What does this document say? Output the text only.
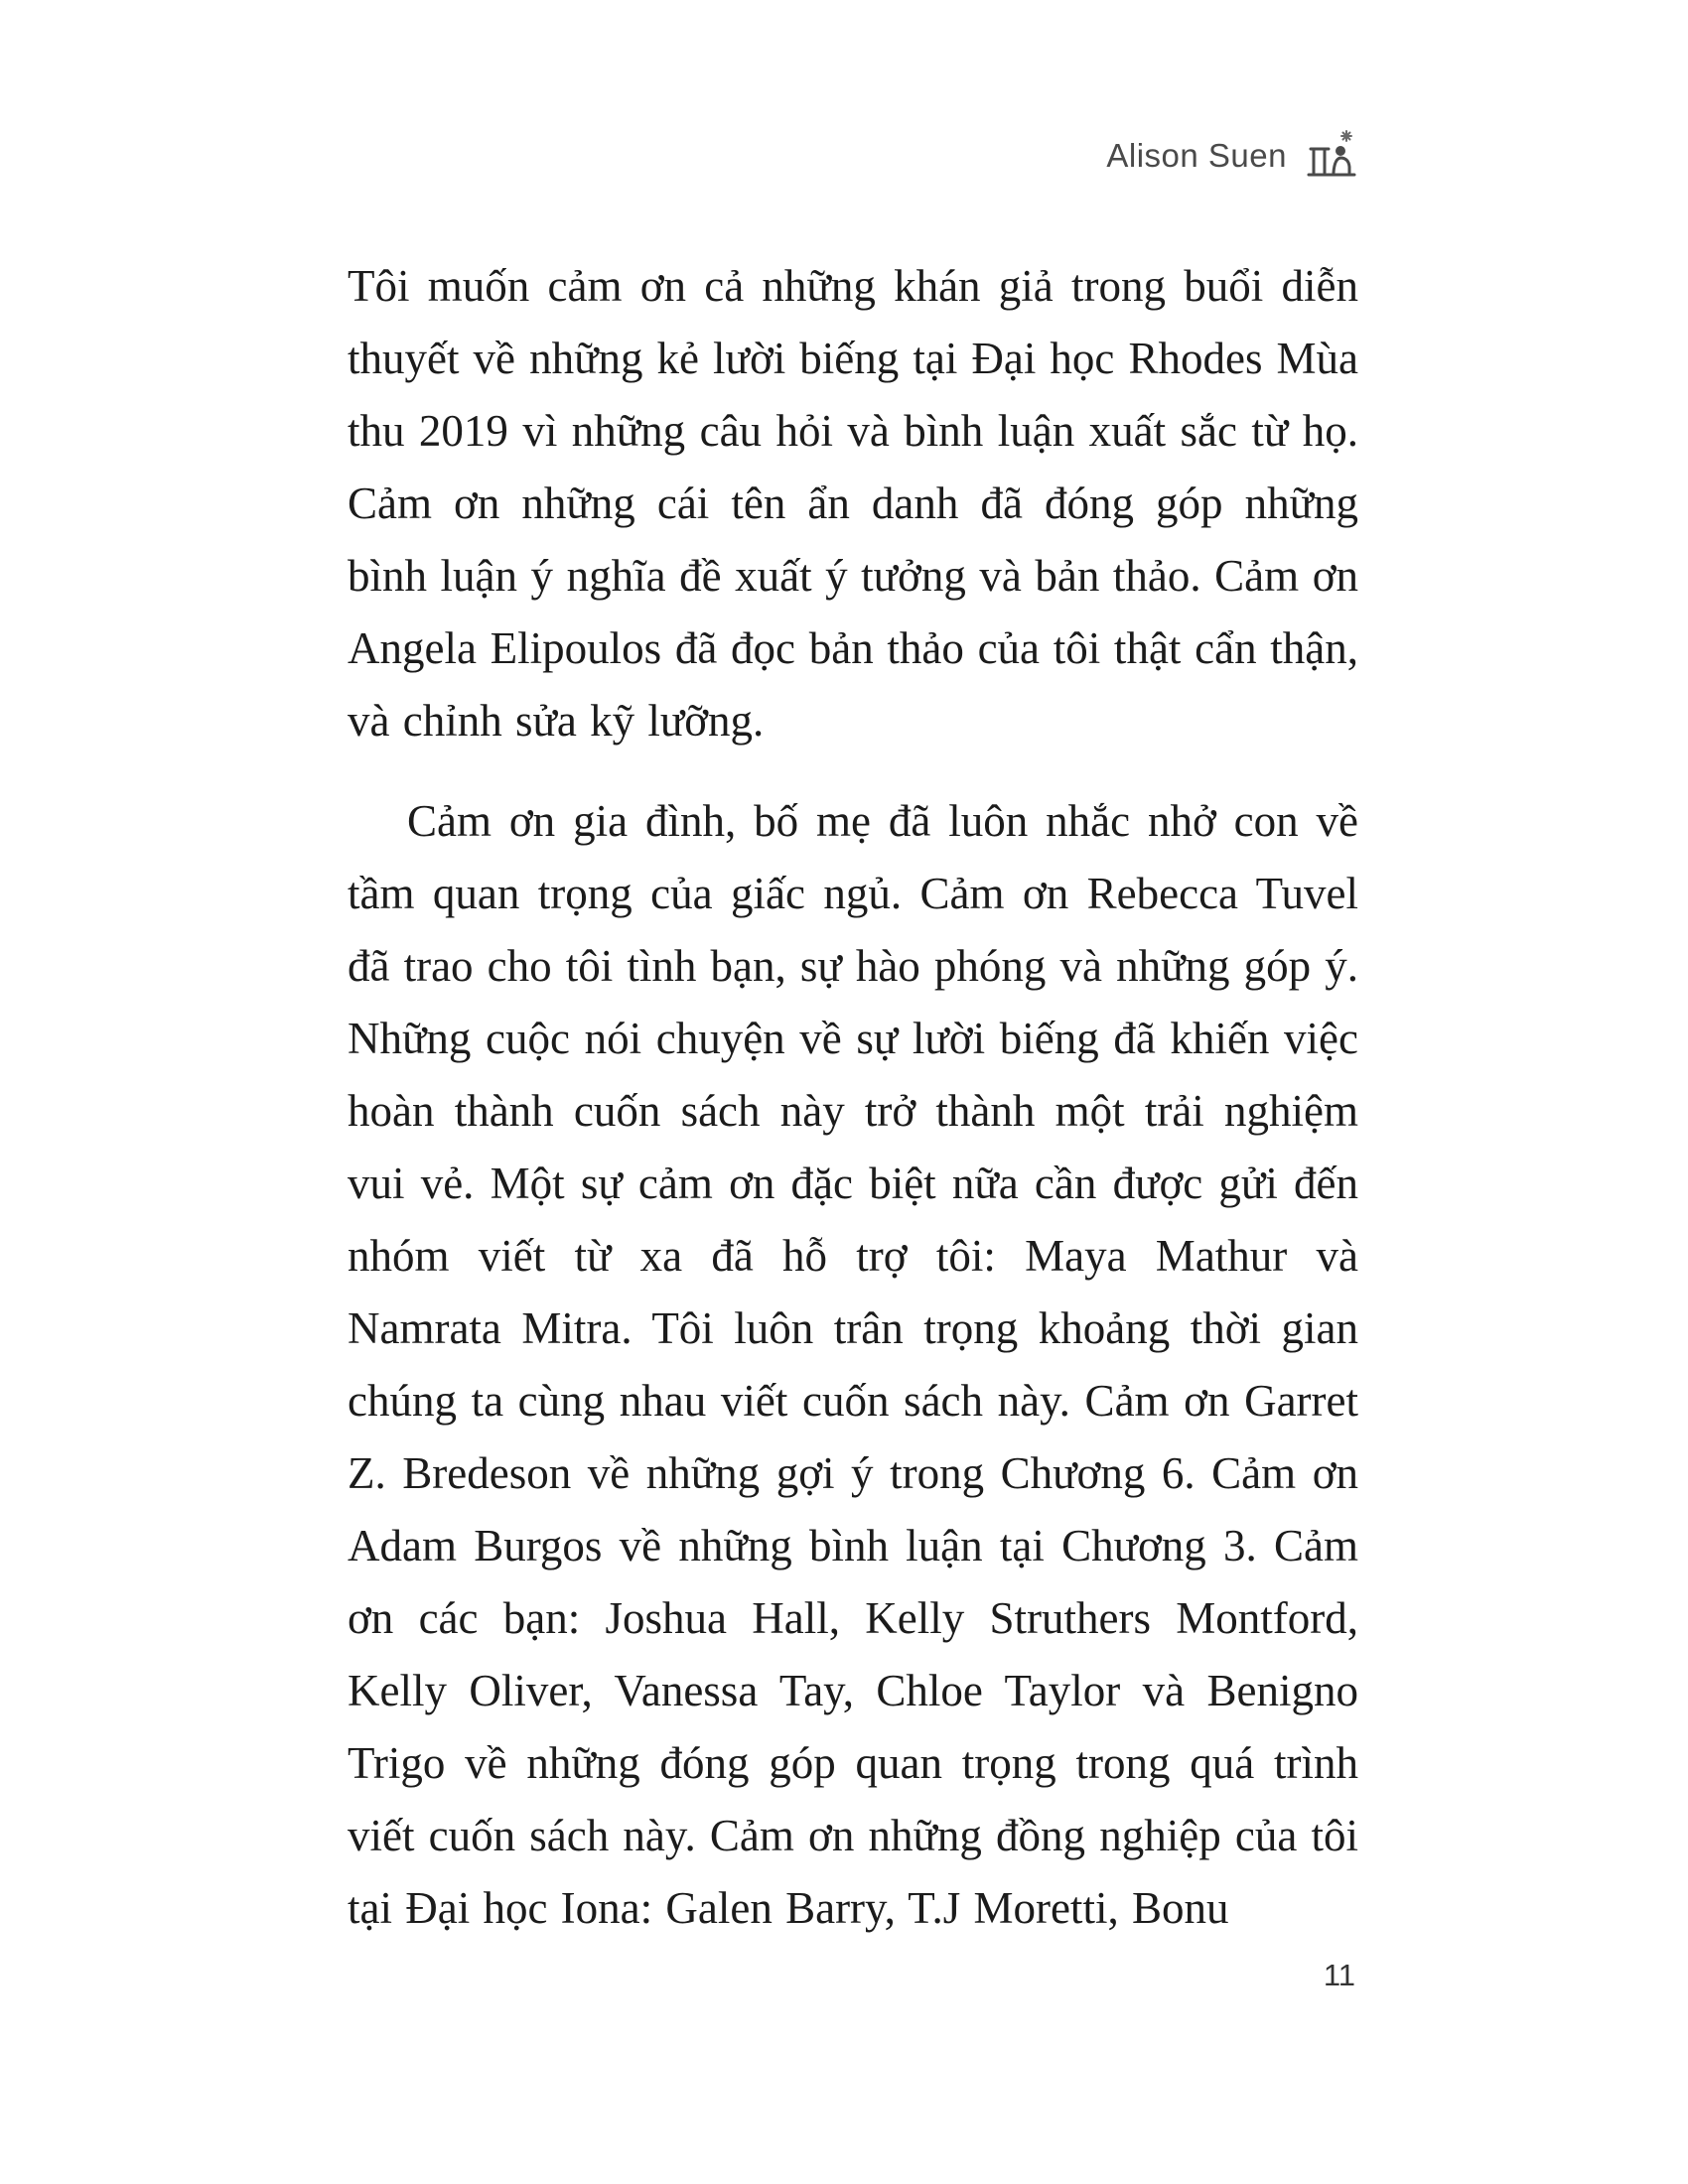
Alison Suen

Tôi muốn cảm ơn cả những khán giả trong buổi diễn thuyết về những kẻ lười biếng tại Đại học Rhodes Mùa thu 2019 vì những câu hỏi và bình luận xuất sắc từ họ. Cảm ơn những cái tên ẩn danh đã đóng góp những bình luận ý nghĩa đề xuất ý tưởng và bản thảo. Cảm ơn Angela Elipoulos đã đọc bản thảo của tôi thật cẩn thận, và chỉnh sửa kỹ lưỡng.

Cảm ơn gia đình, bố mẹ đã luôn nhắc nhở con về tầm quan trọng của giấc ngủ. Cảm ơn Rebecca Tuvel đã trao cho tôi tình bạn, sự hào phóng và những góp ý. Những cuộc nói chuyện về sự lười biếng đã khiến việc hoàn thành cuốn sách này trở thành một trải nghiệm vui vẻ. Một sự cảm ơn đặc biệt nữa cần được gửi đến nhóm viết từ xa đã hỗ trợ tôi: Maya Mathur và Namrata Mitra. Tôi luôn trân trọng khoảng thời gian chúng ta cùng nhau viết cuốn sách này. Cảm ơn Garret Z. Bredeson về những gợi ý trong Chương 6. Cảm ơn Adam Burgos về những bình luận tại Chương 3. Cảm ơn các bạn: Joshua Hall, Kelly Struthers Montford, Kelly Oliver, Vanessa Tay, Chloe Taylor và Benigno Trigo về những đóng góp quan trọng trong quá trình viết cuốn sách này. Cảm ơn những đồng nghiệp của tôi tại Đại học Iona: Galen Barry, T.J Moretti, Bonu

11
